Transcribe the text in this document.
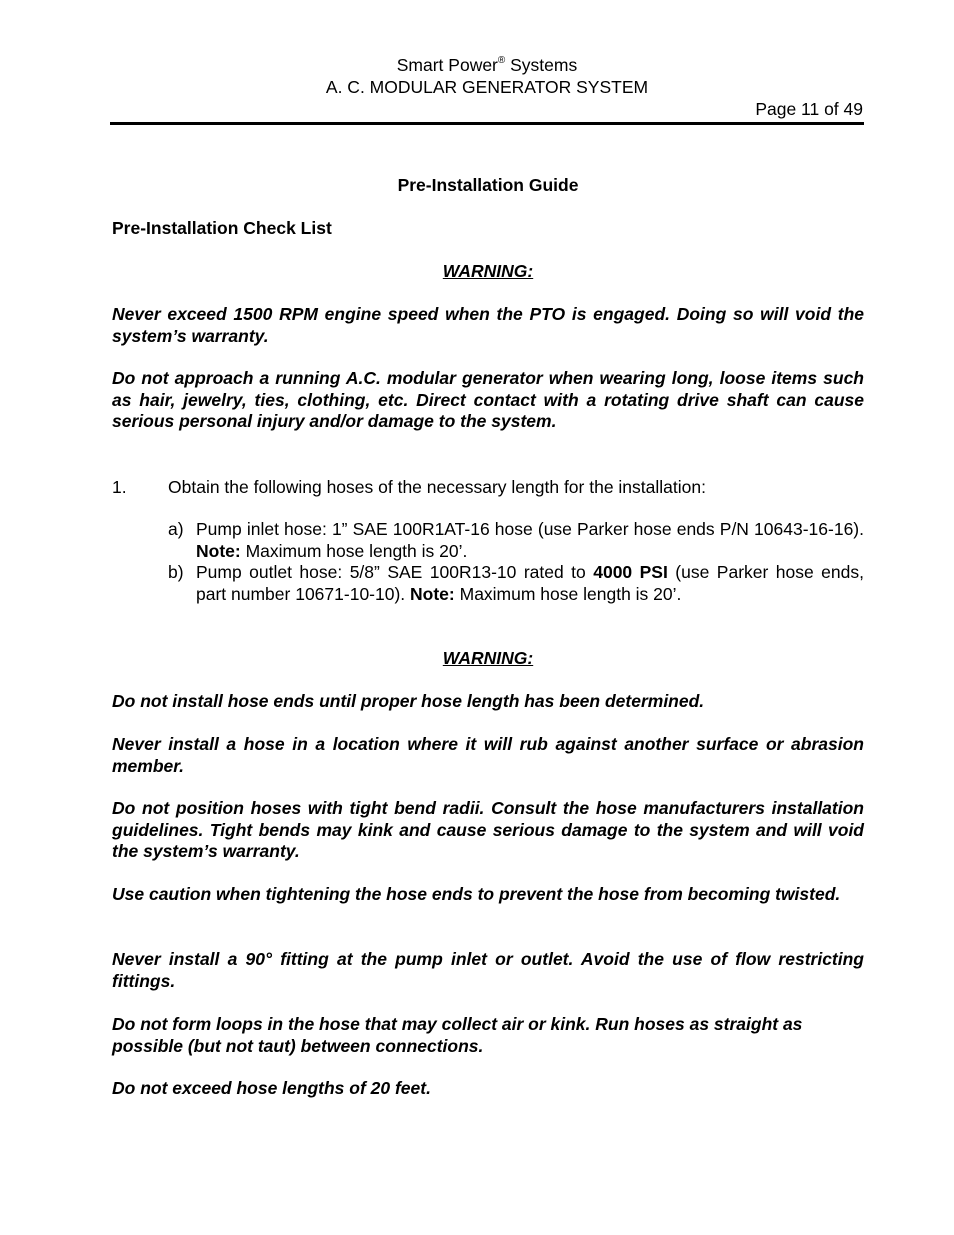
Smart Power® Systems
A. C. MODULAR GENERATOR SYSTEM
Page 11 of 49
Pre-Installation Guide
Pre-Installation Check List
WARNING:
Never exceed 1500 RPM engine speed when the PTO is engaged. Doing so will void the system’s warranty.
Do not approach a running A.C. modular generator when wearing long, loose items such as hair, jewelry, ties, clothing, etc. Direct contact with a rotating drive shaft can cause serious personal injury and/or damage to the system.
1. Obtain the following hoses of the necessary length for the installation:
a) Pump inlet hose: 1” SAE 100R1AT-16 hose (use Parker hose ends P/N 10643-16-16). Note: Maximum hose length is 20’.
b) Pump outlet hose: 5/8” SAE 100R13-10 rated to 4000 PSI (use Parker hose ends, part number 10671-10-10). Note: Maximum hose length is 20’.
WARNING:
Do not install hose ends until proper hose length has been determined.
Never install a hose in a location where it will rub against another surface or abrasion member.
Do not position hoses with tight bend radii. Consult the hose manufacturers installation guidelines. Tight bends may kink and cause serious damage to the system and will void the system’s warranty.
Use caution when tightening the hose ends to prevent the hose from becoming twisted.
Never install a 90° fitting at the pump inlet or outlet. Avoid the use of flow restricting fittings.
Do not form loops in the hose that may collect air or kink. Run hoses as straight as possible (but not taut) between connections.
Do not exceed hose lengths of 20 feet.
